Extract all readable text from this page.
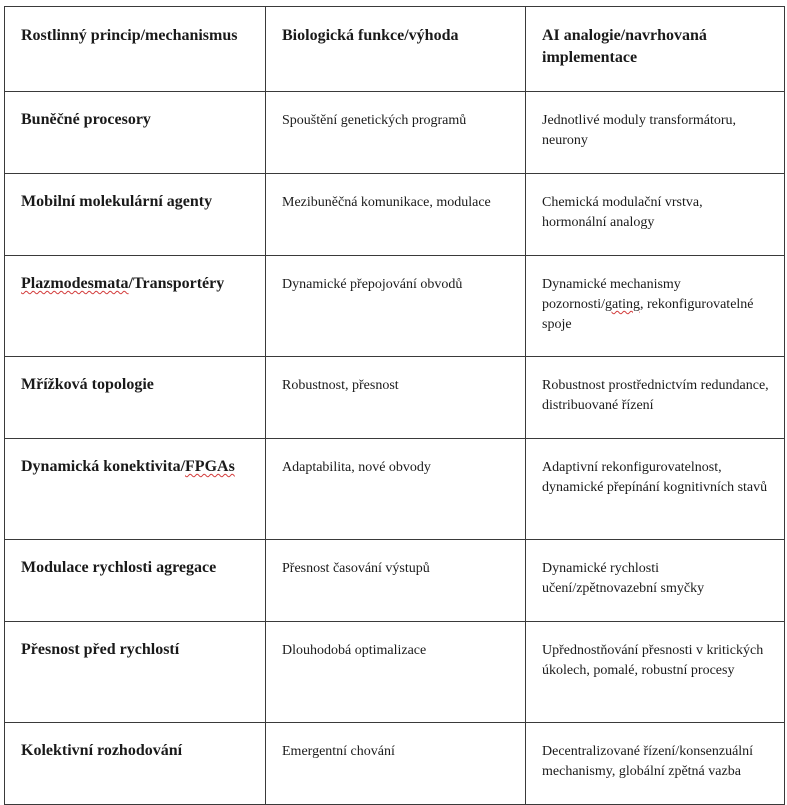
Rostlinný princip/mechanismus	Biologická funkce/výhoda	AI analogie/navrhovaná implementace
Buněčné procesory	Spouštění genetických programů	Jednotlivé moduly transformátoru, neurony
Mobilní molekulární agenty	Mezibuněčná komunikace, modulace	Chemická modulační vrstva, hormonální analogy
Plazmodesmata/Transportéry	Dynamické přepojování obvodů	Dynamické mechanismy pozornosti/gating, rekonfigurovatelné spoje
Mřížková topologie	Robustnost, přesnost	Robustnost prostřednictvím redundance, distribuované řízení
Dynamická konektivita/FPGAs	Adaptabilita, nové obvody	Adaptivní rekonfigurovatelnost, dynamické přepínání kognitivních stavů
Modulace rychlosti agregace	Přesnost časování výstupů	Dynamické rychlosti učení/zpětnovazební smyčky
Přesnost před rychlostí	Dlouhodobá optimalizace	Upřednostňování přesnosti v kritických úkolech, pomalé, robustní procesy
Kolektivní rozhodování	Emergentní chování	Decentralizované řízení/konsenzuální mechanismy, globální zpětná vazba
